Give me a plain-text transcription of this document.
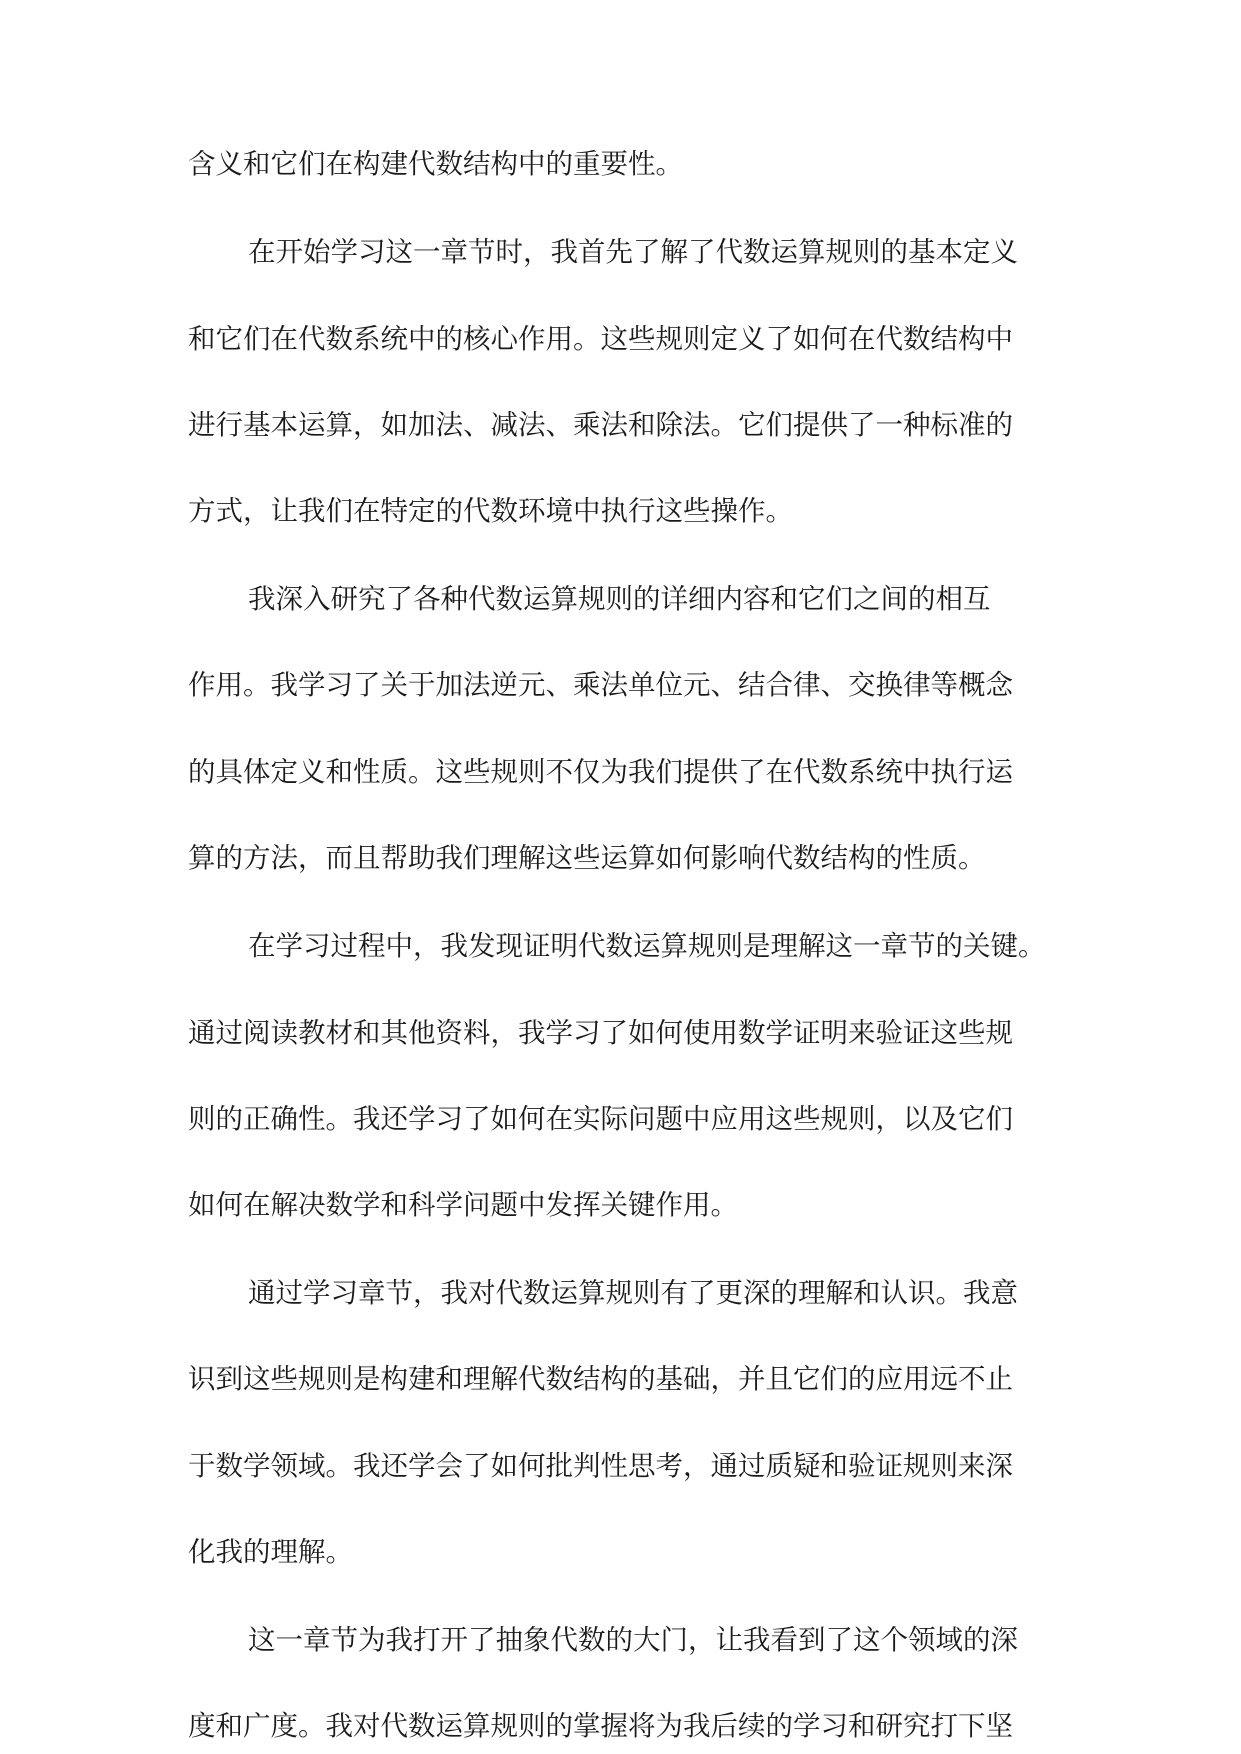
含义和它们在构建代数结构中的重要性。
在开始学习这一章节时，我首先了解了代数运算规则的基本定义
和它们在代数系统中的核心作用。这些规则定义了如何在代数结构中
进行基本运算，如加法、减法、乘法和除法。它们提供了一种标准的
方式，让我们在特定的代数环境中执行这些操作。
我深入研究了各种代数运算规则的详细内容和它们之间的相互
作用。我学习了关于加法逆元、乘法单位元、结合律、交换律等概念
的具体定义和性质。这些规则不仅为我们提供了在代数系统中执行运
算的方法，而且帮助我们理解这些运算如何影响代数结构的性质。
在学习过程中，我发现证明代数运算规则是理解这一章节的关键。
通过阅读教材和其他资料，我学习了如何使用数学证明来验证这些规
则的正确性。我还学习了如何在实际问题中应用这些规则，以及它们
如何在解决数学和科学问题中发挥关键作用。
通过学习章节，我对代数运算规则有了更深的理解和认识。我意
识到这些规则是构建和理解代数结构的基础，并且它们的应用远不止
于数学领域。我还学会了如何批判性思考，通过质疑和验证规则来深
化我的理解。
这一章节为我打开了抽象代数的大门，让我看到了这个领域的深
度和广度。我对代数运算规则的掌握将为我后续的学习和研究打下坚
